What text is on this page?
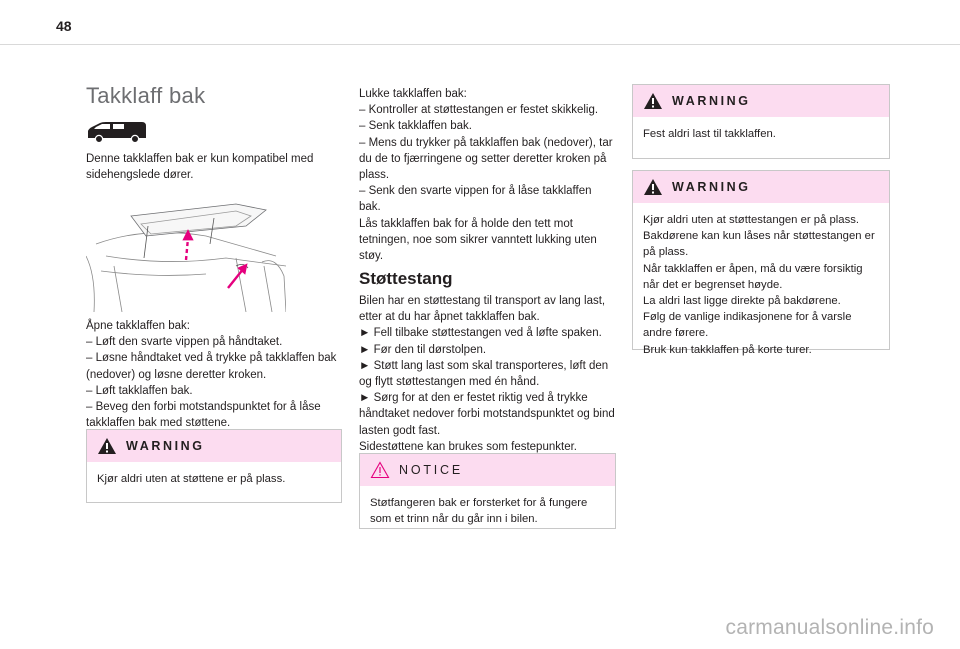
48
Takklaff bak

Denne takklaffen bak er kun kompatibel med sidehengslede dører.

Åpne takklaffen bak:
– Løft den svarte vippen på håndtaket.
– Løsne håndtaket ved å trykke på takklaffen bak (nedover) og løsne deretter kroken.
– Løft takklaffen bak.
– Beveg den forbi motstandspunktet for å låse takklaffen bak med støttene.

WARNING

Kjør aldri uten at støttene er på plass.

Lukke takklaffen bak:
– Kontroller at støttestangen er festet skikkelig.
– Senk takklaffen bak.
– Mens du trykker på takklaffen bak (nedover), tar du de to fjærringene og setter deretter kroken på plass.
– Senk den svarte vippen for å låse takklaffen bak.
Lås takklaffen bak for å holde den tett mot tetningen, noe som sikrer vanntett lukking uten støy.

Støttestang

Bilen har en støttestang til transport av lang last, etter at du har åpnet takklaffen bak.
► Fell tilbake støttestangen ved å løfte spaken.
► Før den til dørstolpen.
► Støtt lang last som skal transporteres, løft den og flytt støttestangen med én hånd.
► Sørg for at den er festet riktig ved å trykke håndtaket nedover forbi motstandspunktet og bind lasten godt fast.
Sidestøttene kan brukes som festepunkter.

NOTICE

Støtfangeren bak er forsterket for å fungere som et trinn når du går inn i bilen.

WARNING

Fest aldri last til takklaffen.

WARNING

Kjør aldri uten at støttestangen er på plass.
Bakdørene kan kun låses når støttestangen er på plass.
Når takklaffen er åpen, må du være forsiktig når det er begrenset høyde.
La aldri last ligge direkte på bakdørene.
Følg de vanlige indikasjonene for å varsle andre førere.
Bruk kun takklaffen på korte turer.

carmanualsonline.info
